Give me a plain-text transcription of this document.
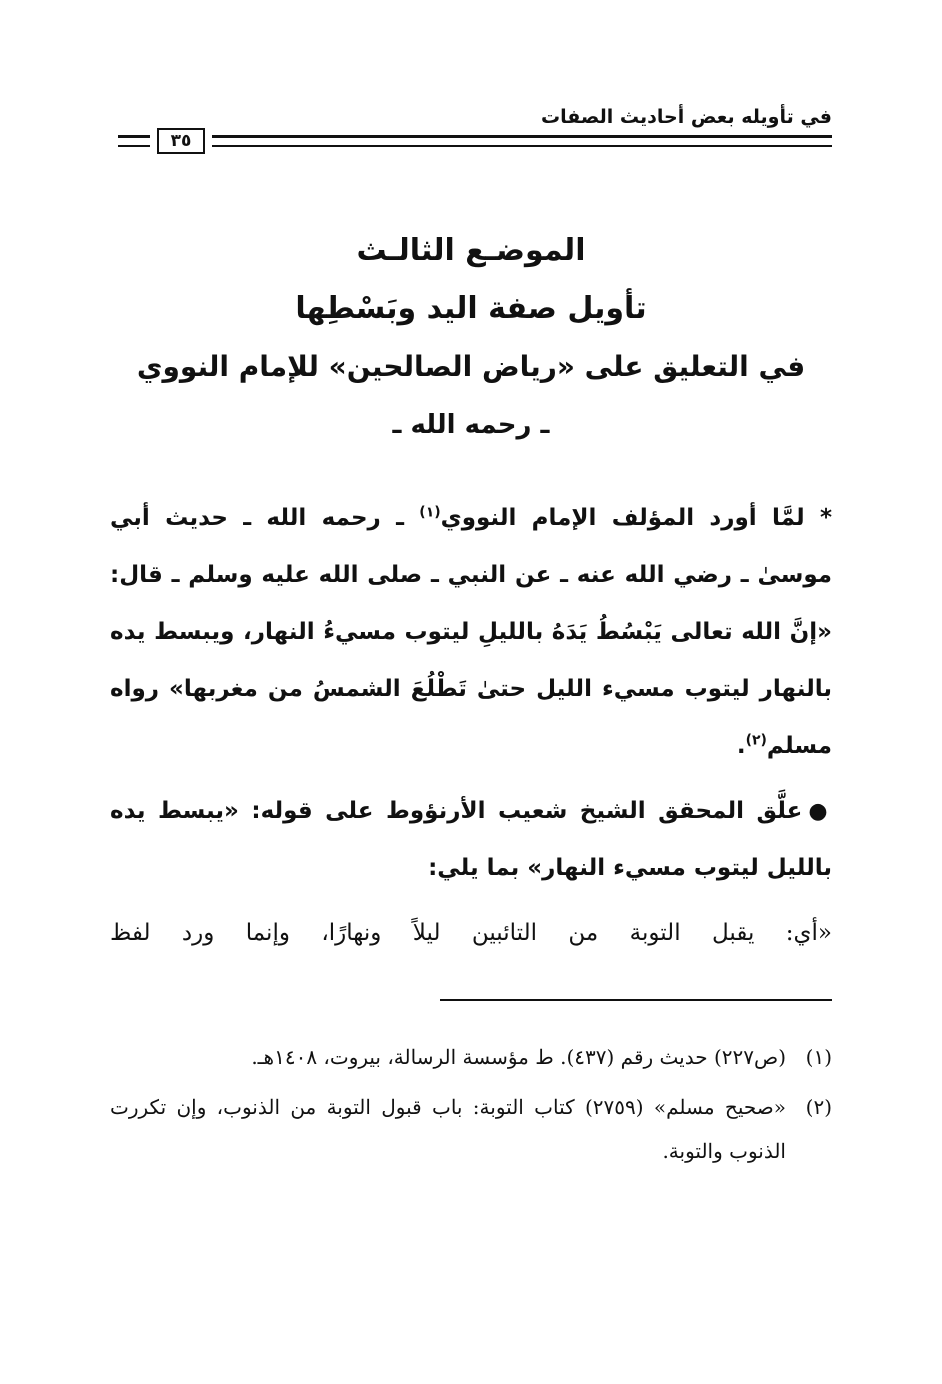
في تأويله بعض أحاديث الصفات
٣٥
الموضـع الثالـث
تأويل صفة اليد وبَسْطِها
في التعليق على «رياض الصالحين» للإمام النووي
ـ رحمه الله ـ

* لمَّا أورد المؤلف الإمام النووي$^{(١)}$ ـ رحمه الله ـ حديث أبي موسىٰ ـ رضي الله عنه ـ عن النبي ـ صلى الله عليه وسلم ـ قال: «إنَّ الله تعالى يَبْسُطُ يَدَهُ بالليلِ ليتوب مسيءُ النهار، ويبسط يده بالنهار ليتوب مسيء الليل حتىٰ تَطْلُعَ الشمسُ من مغربها» رواه مسلم$^{(٢)}$.

●علَّق المحقق الشيخ شعيب الأرنؤوط على قوله: «يبسط يده بالليل ليتوب مسيء النهار» بما يلي:

«أي: يقبل التوبة من التائبين ليلاً ونهارًا، وإنما ورد لفظ

(١)
(ص٢٢٧) حديث رقم (٤٣٧). ط مؤسسة الرسالة، بيروت، ١٤٠٨هـ.
(٢)
«صحيح مسلم» (٢٧٥٩) كتاب التوبة: باب قبول التوبة من الذنوب، وإن تكررت الذنوب والتوبة.
